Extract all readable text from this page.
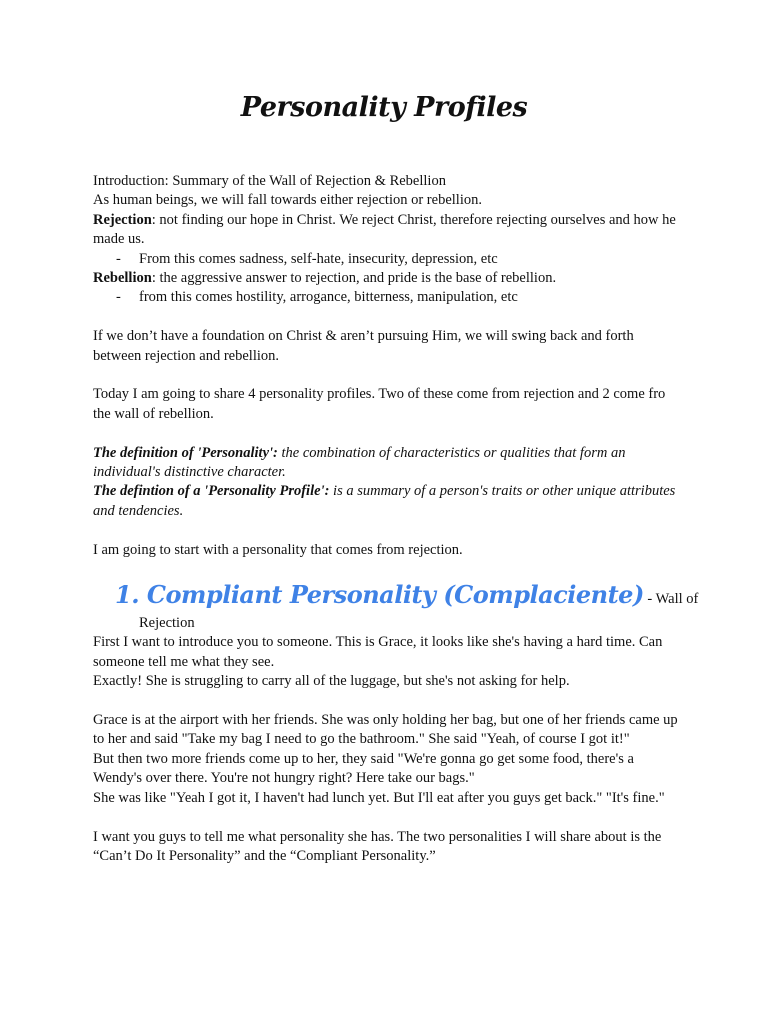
Personality Profiles

Introduction: Summary of the Wall of Rejection & Rebellion

As human beings, we will fall towards either rejection or rebellion.

Rejection: not finding our hope in Christ. We reject Christ, therefore rejecting ourselves and how he made us.

- From this comes sadness, self-hate, insecurity, depression, etc

Rebellion: the aggressive answer to rejection, and pride is the base of rebellion.

- from this comes hostility, arrogance, bitterness, manipulation, etc

If we don’t have a foundation on Christ & aren’t pursuing Him, we will swing back and forth between rejection and rebellion.

Today I am going to share 4 personality profiles. Two of these come from rejection and 2 come fro the wall of rebellion.

The definition of 'Personality': the combination of characteristics or qualities that form an individual's distinctive character.

The defintion of a 'Personality Profile': is a summary of a person's traits or other unique attributes and tendencies.

I am going to start with a personality that comes from rejection.

1. Compliant Personality (Complaciente) - Wall of

Rejection

First I want to introduce you to someone. This is Grace, it looks like she's having a hard time. Can someone tell me what they see.

Exactly! She is struggling to carry all of the luggage, but she's not asking for help.

Grace is at the airport with her friends. She was only holding her bag, but one of her friends came up to her and said "Take my bag I need to go the bathroom." She said "Yeah, of course I got it!"

But then two more friends come up to her, they said "We're gonna go get some food, there's a Wendy's over there. You're not hungry right? Here take our bags."

She was like "Yeah I got it, I haven't had lunch yet. But I'll eat after you guys get back." "It's fine."

I want you guys to tell me what personality she has. The two personalities I will share about is the “Can’t Do It Personality” and the “Compliant Personality.”
